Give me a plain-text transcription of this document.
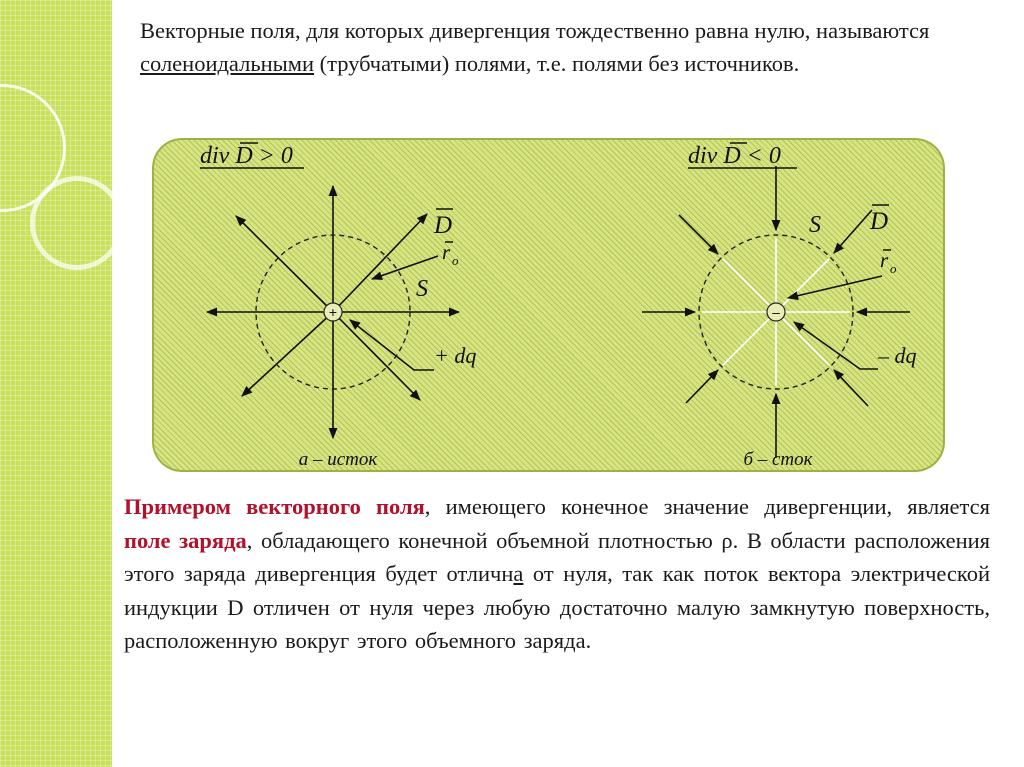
Векторные поля, для которых дивергенция тождественно равна нулю, называются соленоидальными (трубчатыми) полями, т.е. полями без источников.
+
div D > 0
D
r o
S
+ dq
а – исток
–
div D < 0
D
r o
S
– dq
б – сток
Примером векторного поля, имеющего конечное значение дивергенции, является поле заряда, обладающего конечной объемной плотностью ρ. В области расположения этого заряда дивергенция будет отлична от нуля, так как поток вектора электрической индукции D отличен от нуля через любую достаточно малую замкнутую поверхность, расположенную вокруг этого объемного заряда.
